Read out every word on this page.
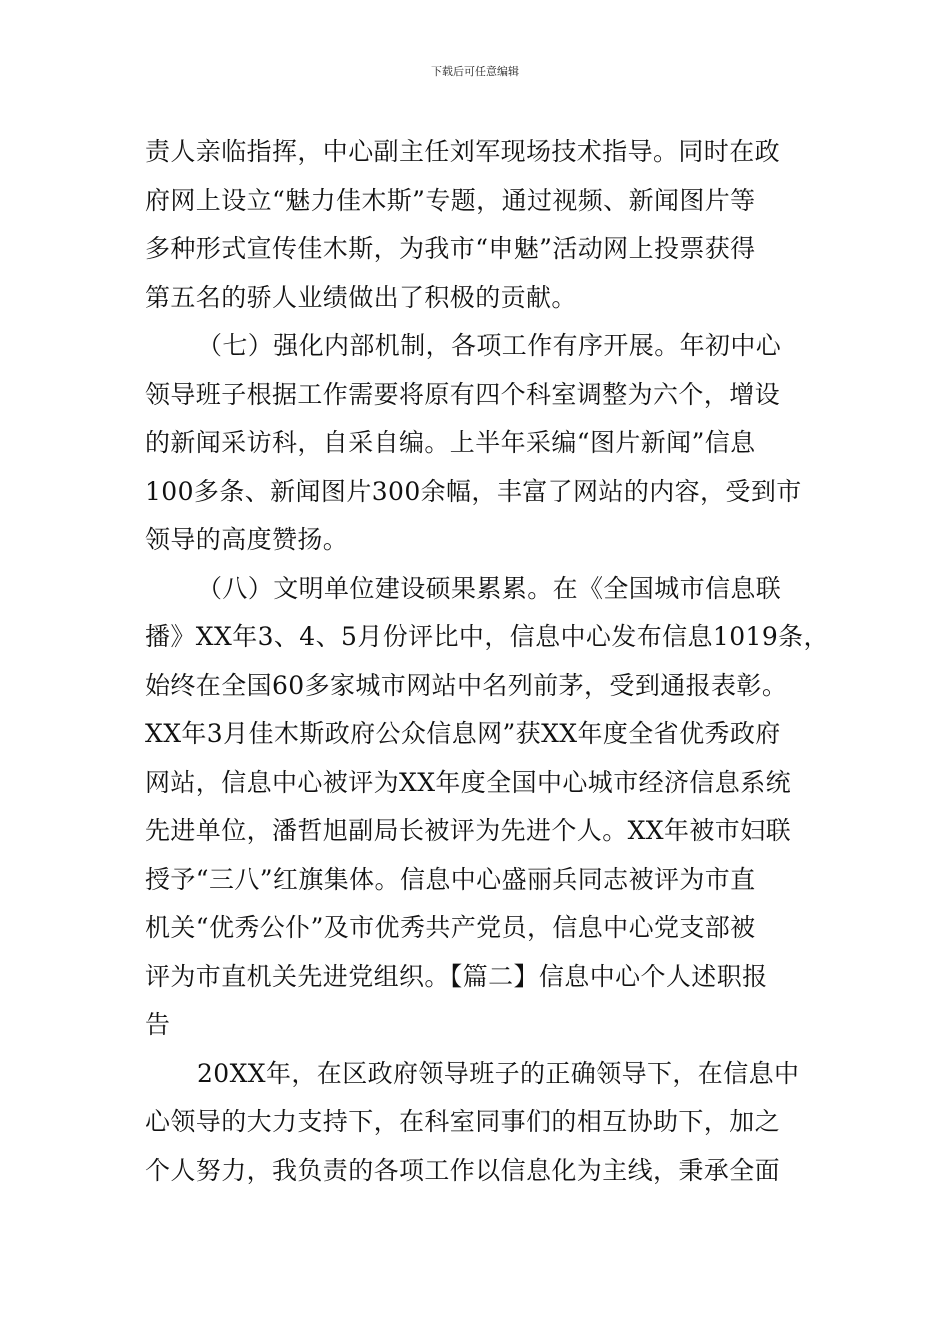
下载后可任意编辑
责人亲临指挥，中心副主任刘军现场技术指导。同时在政
府网上设立“魅力佳木斯”专题，通过视频、新闻图片等
多种形式宣传佳木斯，为我市“申魅”活动网上投票获得
第五名的骄人业绩做出了积极的贡献。
（七）强化内部机制，各项工作有序开展。年初中心
领导班子根据工作需要将原有四个科室调整为六个，增设
的新闻采访科，自采自编。上半年采编“图片新闻”信息
100多条、新闻图片300余幅，丰富了网站的内容，受到市
领导的高度赞扬。
（八）文明单位建设硕果累累。在《全国城市信息联
播》XX年3、4、5月份评比中，信息中心发布信息1019条，
始终在全国60多家城市网站中名列前茅，受到通报表彰。
XX年3月佳木斯政府公众信息网”获XX年度全省优秀政府
网站，信息中心被评为XX年度全国中心城市经济信息系统
先进单位，潘哲旭副局长被评为先进个人。XX年被市妇联
授予“三八”红旗集体。信息中心盛丽兵同志被评为市直
机关“优秀公仆”及市优秀共产党员，信息中心党支部被
评为市直机关先进党组织。【篇二】信息中心个人述职报
告
20XX年，在区政府领导班子的正确领导下，在信息中
心领导的大力支持下，在科室同事们的相互协助下，加之
个人努力，我负责的各项工作以信息化为主线，秉承全面
